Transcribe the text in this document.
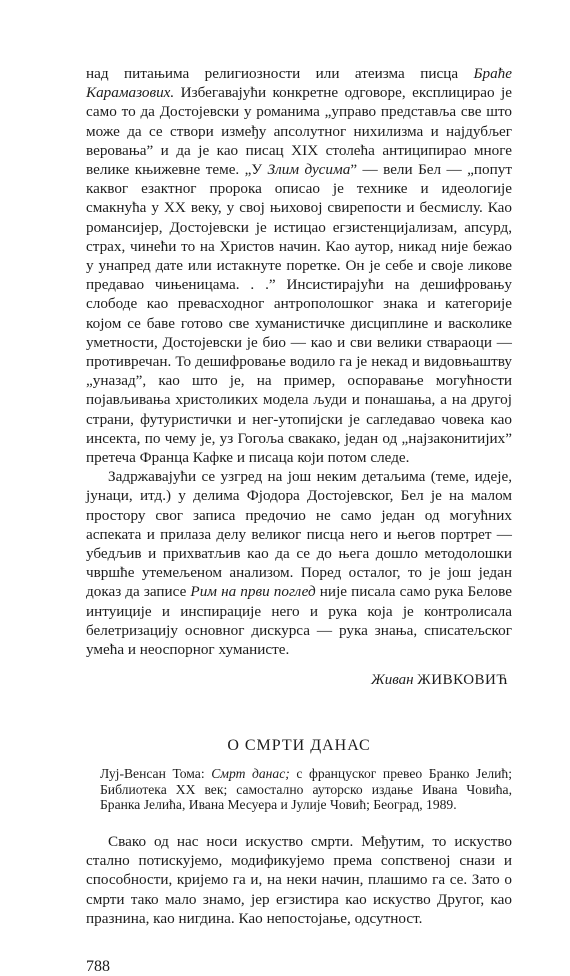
над питањима религиозности или атеизма писца Браће Карамазових. Избегавајући конкретне одговоре, експлицирао је само то да Достојевски у романима „управо представља све што може да се створи између апсолутног нихилизма и најдубљег веровања” и да је као писац XIX столећа антиципирао многе велике књижевне теме. „У Злим дусима” — вели Бел — „попут каквог езактног пророка описао је технике и идеологије смакнућа у XX веку, у свој њиховој свирепости и бесмислу. Као романсијер, Достојевски је истицао егзистенцијализам, апсурд, страх, чинећи то на Христов начин. Као аутор, никад није бежао у унапред дате или истакнуте поретке. Он је себе и своје ликове предавао чињеницама. . .” Инсистирајући на дешифровању слободе као превасходног антрополошког знака и категорије којом се баве готово све хуманистичке дисциплине и васколике уметности, Достојевски је био — као и сви велики ствараоци — противречан. То дешифровање водило га је некад и видовњаштву „уназад”, као што је, на пример, оспоравање могућности појављивања христоликих модела људи и понашања, а на другој страни, футуристички и нег-утопијски је сагледавао човека као инсекта, по чему је, уз Гогоља свакако, један од „најзаконитијих” претеча Франца Кафке и писаца који потом следе.

Задржавајући се узгред на још неким детаљима (теме, идеје, јунаци, итд.) у делима Фјодора Достојевског, Бел је на малом простору свог записа предочио не само један од могућних аспеката и прилаза делу великог писца него и његов портрет — убедљив и прихватљив као да се до њега дошло методолошки чвршће утемељеном анализом. Поред осталог, то је још један доказ да записе Рим на први поглед није писала само рука Белове интуиције и инспирације него и рука која је контролисала белетризацију основног дискурса — рука знања, списатељског умећа и неоспорног хуманисте.

Живан ЖИВКОВИЋ
О СМРТИ ДАНАС
Луј-Венсан Тома: Смрт данас; с француског превео Бранко Јелић; Библиотека XX век; самостално ауторско издање Ивана Човића, Бранка Јелића, Ивана Месуера и Јулије Човић; Београд, 1989.

Свако од нас носи искуство смрти. Међутим, то искуство стално потискујемо, модификујемо према сопственој снази и способности, кријемо га и, на неки начин, плашимо га се. Зато о смрти тако мало знамо, јер егзистира као искуство Другог, као празнина, као нигдина. Као непостојање, одсутност.

788
